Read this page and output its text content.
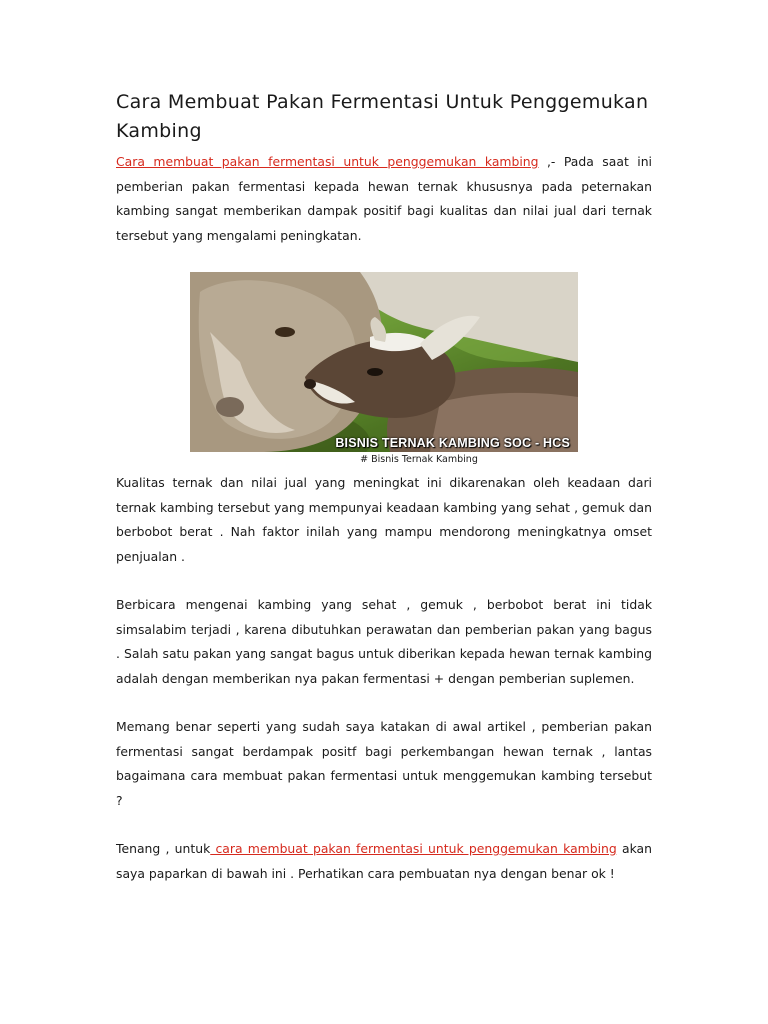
Cara Membuat Pakan Fermentasi Untuk Penggemukan Kambing

Cara membuat pakan fermentasi untuk penggemukan kambing ,- Pada saat ini pemberian pakan fermentasi kepada hewan ternak khususnya pada peternakan kambing sangat memberikan dampak positif bagi kualitas dan nilai jual dari ternak tersebut yang mengalami peningkatan.

BISNIS TERNAK KAMBING SOC - HCS
# Bisnis Ternak Kambing

Kualitas ternak dan nilai jual yang meningkat ini dikarenakan oleh keadaan dari ternak kambing tersebut yang mempunyai keadaan kambing yang sehat , gemuk dan berbobot berat . Nah faktor inilah yang mampu mendorong meningkatnya omset penjualan .

Berbicara mengenai kambing yang sehat , gemuk , berbobot berat ini tidak simsalabim terjadi , karena dibutuhkan perawatan dan pemberian pakan yang bagus . Salah satu pakan yang sangat bagus untuk diberikan kepada hewan ternak kambing adalah dengan memberikan nya pakan fermentasi + dengan pemberian suplemen.

Memang benar seperti yang sudah saya katakan di awal artikel , pemberian pakan fermentasi sangat berdampak positf bagi perkembangan hewan ternak , lantas bagaimana cara membuat pakan fermentasi untuk menggemukan kambing tersebut ?

Tenang , untuk cara membuat pakan fermentasi untuk penggemukan kambing akan saya paparkan di bawah ini . Perhatikan cara pembuatan nya dengan benar ok !
